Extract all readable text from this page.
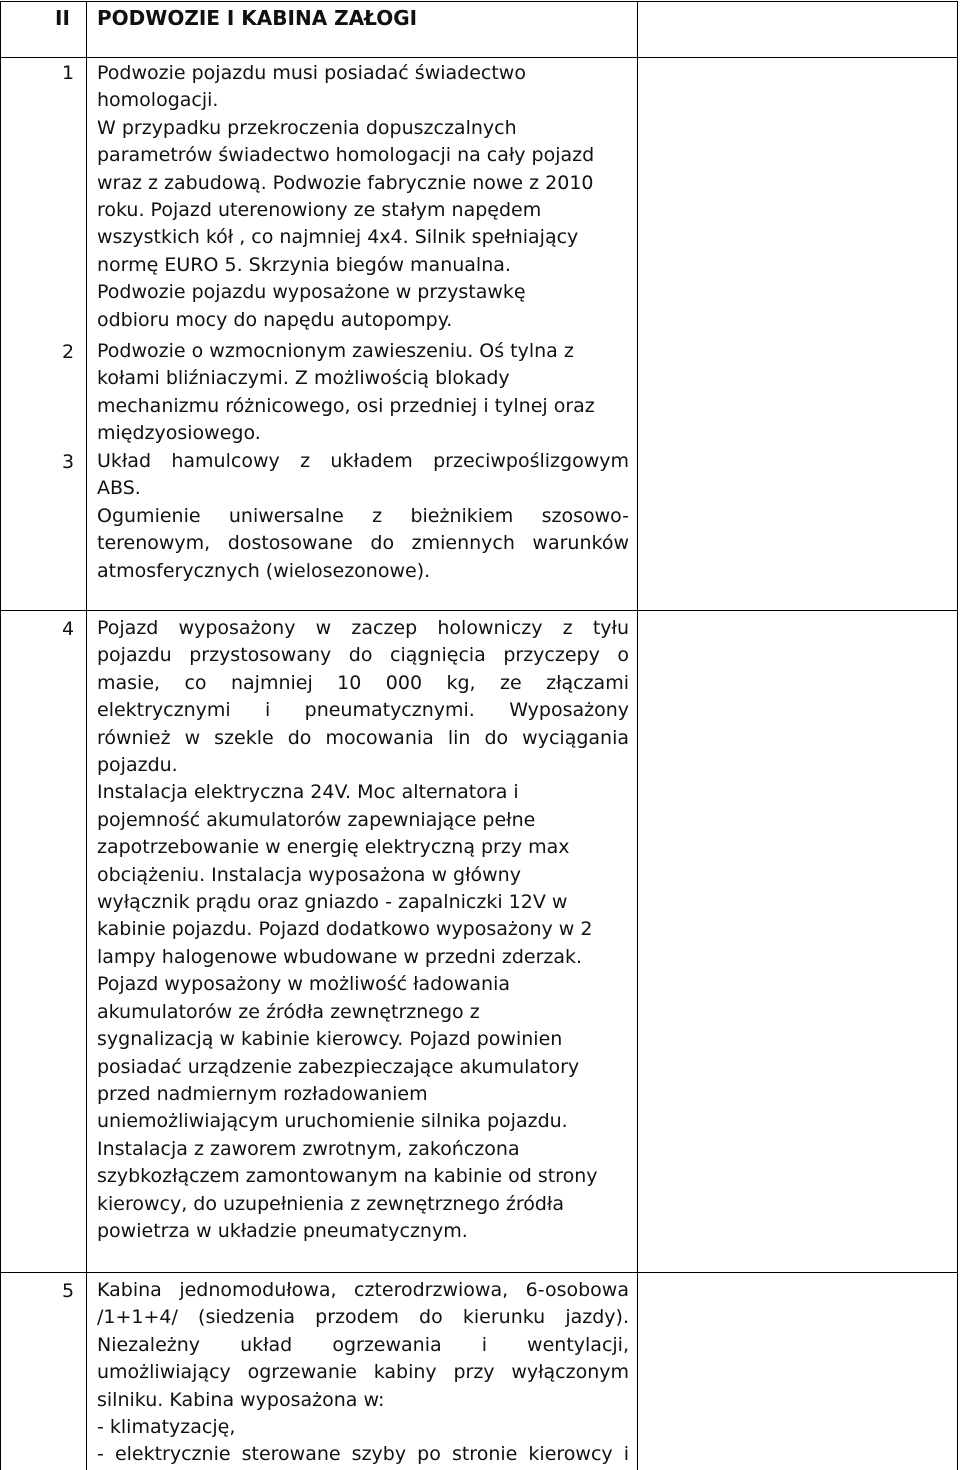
II PODWOZIE I KABINA ZAŁOGI
1 Podwozie pojazdu musi posiadać świadectwo
homologacji.
W przypadku przekroczenia dopuszczalnych
parametrów świadectwo homologacji na cały pojazd
wraz z zabudową. Podwozie fabrycznie nowe z 2010
roku. Pojazd uterenowiony ze stałym napędem
wszystkich kół , co najmniej 4x4. Silnik spełniający
normę EURO 5. Skrzynia biegów manualna.
Podwozie pojazdu wyposażone w przystawkę
odbioru mocy do napędu autopompy.
2 Podwozie o wzmocnionym zawieszeniu. Oś tylna z
kołami bliźniaczymi. Z możliwością blokady
mechanizmu różnicowego, osi przedniej i tylnej oraz
międzyosiowego.
3 Układ hamulcowy z układem przeciwpoślizgowym
ABS.
Ogumienie uniwersalne z bieżnikiem szosowo-
terenowym, dostosowane do zmiennych warunków
atmosferycznych (wielosezonowe).
4 Pojazd wyposażony w zaczep holowniczy z tyłu
pojazdu przystosowany do ciągnięcia przyczepy o
masie, co najmniej 10 000 kg, ze złączami
elektrycznymi i pneumatycznymi. Wyposażony
również w szekle do mocowania lin do wyciągania
pojazdu.
Instalacja elektryczna 24V. Moc alternatora i
pojemność akumulatorów zapewniające pełne
zapotrzebowanie w energię elektryczną przy max
obciążeniu. Instalacja wyposażona w główny
wyłącznik prądu oraz gniazdo - zapalniczki 12V w
kabinie pojazdu. Pojazd dodatkowo wyposażony w 2
lampy halogenowe wbudowane w przedni zderzak.
Pojazd wyposażony w możliwość ładowania
akumulatorów ze źródła zewnętrznego z
sygnalizacją w kabinie kierowcy. Pojazd powinien
posiadać urządzenie zabezpieczające akumulatory
przed nadmiernym rozładowaniem
uniemożliwiającym uruchomienie silnika pojazdu.
Instalacja z zaworem zwrotnym, zakończona
szybkozłączem zamontowanym na kabinie od strony
kierowcy, do uzupełnienia z zewnętrznego źródła
powietrza w układzie pneumatycznym.
5 Kabina jednomodułowa, czterodrzwiowa, 6-osobowa
/1+1+4/ (siedzenia przodem do kierunku jazdy).
Niezależny układ ogrzewania i wentylacji,
umożliwiający ogrzewanie kabiny przy wyłączonym
silniku. Kabina wyposażona w:
- klimatyzację,
- elektrycznie sterowane szyby po stronie kierowcy i
